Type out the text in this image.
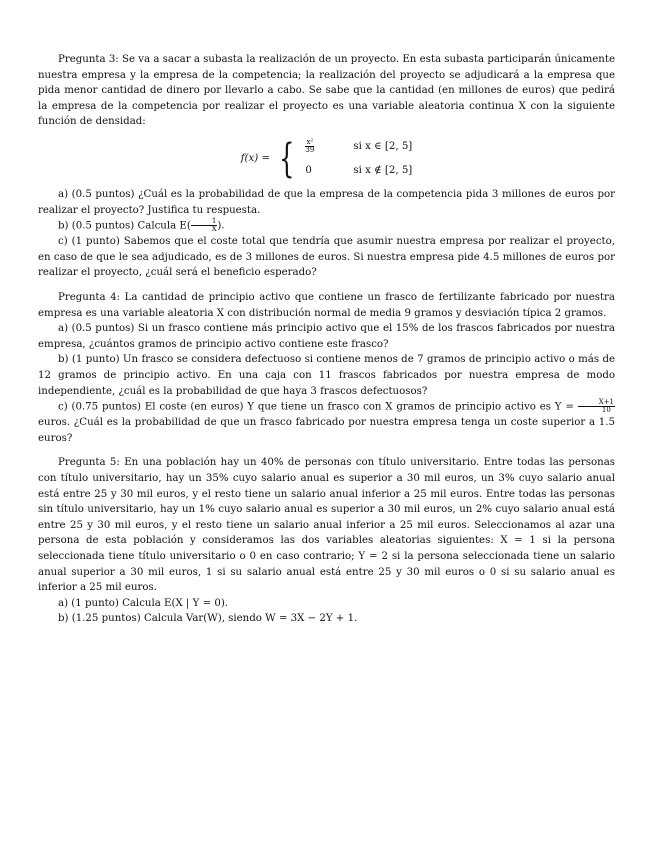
Pregunta 3: Se va a sacar a subasta la realización de un proyecto. En esta subasta participarán únicamente nuestra empresa y la empresa de la competencia; la realización del proyecto se adjudicará a la empresa que pida menor cantidad de dinero por llevarlo a cabo. Se sabe que la cantidad (en millones de euros) que pedirá la empresa de la competencia por realizar el proyecto es una variable aleatoria continua X con la siguiente función de densidad:

f(x) = { $\frac{\text{x²}}{39}$	si x ∈ [2, 5]
0	si x ∉ [2, 5]

a) (0.5 puntos) ¿Cuál es la probabilidad de que la empresa de la competencia pida 3 millones de euros por realizar el proyecto? Justifica tu respuesta.

b) (0.5 puntos) Calcula $E( \frac{1}{X}$ ).

c) (1 punto) Sabemos que el coste total que tendría que asumir nuestra empresa por realizar el proyecto, en caso de que le sea adjudicado, es de 3 millones de euros. Si nuestra empresa pide 4.5 millones de euros por realizar el proyecto, ¿cuál será el beneficio esperado?

Pregunta 4: La cantidad de principio activo que contiene un frasco de fertilizante fabricado por nuestra empresa es una variable aleatoria X con distribución normal de media 9 gramos y desviación típica 2 gramos.

a) (0.5 puntos) Si un frasco contiene más principio activo que el 15% de los frascos fabricados por nuestra empresa, ¿cuántos gramos de principio activo contiene este frasco?

b) (1 punto) Un frasco se considera defectuoso si contiene menos de 7 gramos de principio activo o más de 12 gramos de principio activo. En una caja con 11 frascos fabricados por nuestra empresa de modo independiente, ¿cuál es la probabilidad de que haya 3 frascos defectuosos?

c) (0.75 puntos) El coste (en euros) Y que tiene un frasco con X gramos de principio activo es $Y = \frac{X+1}{10}$
euros. ¿Cuál es la probabilidad de que un frasco fabricado por nuestra empresa tenga un coste superior a 1.5 euros?

Pregunta 5: En una población hay un 40% de personas con título universitario. Entre todas las personas con título universitario, hay un 35% cuyo salario anual es superior a 30 mil euros, un 3% cuyo salario anual está entre 25 y 30 mil euros, y el resto tiene un salario anual inferior a 25 mil euros. Entre todas las personas sin título universitario, hay un 1% cuyo salario anual es superior a 30 mil euros, un 2% cuyo salario anual está entre 25 y 30 mil euros, y el resto tiene un salario anual inferior a 25 mil euros. Seleccionamos al azar una persona de esta población y consideramos las dos variables aleatorias siguientes: X = 1 si la persona seleccionada tiene título universitario o 0 en caso contrario; Y = 2 si la persona seleccionada tiene un salario anual superior a 30 mil euros, 1 si su salario anual está entre 25 y 30 mil euros o 0 si su salario anual es inferior a 25 mil euros.

a) (1 punto) Calcula E(X | Y = 0).

b) (1.25 puntos) Calcula Var(W), siendo W = 3X − 2Y + 1.
